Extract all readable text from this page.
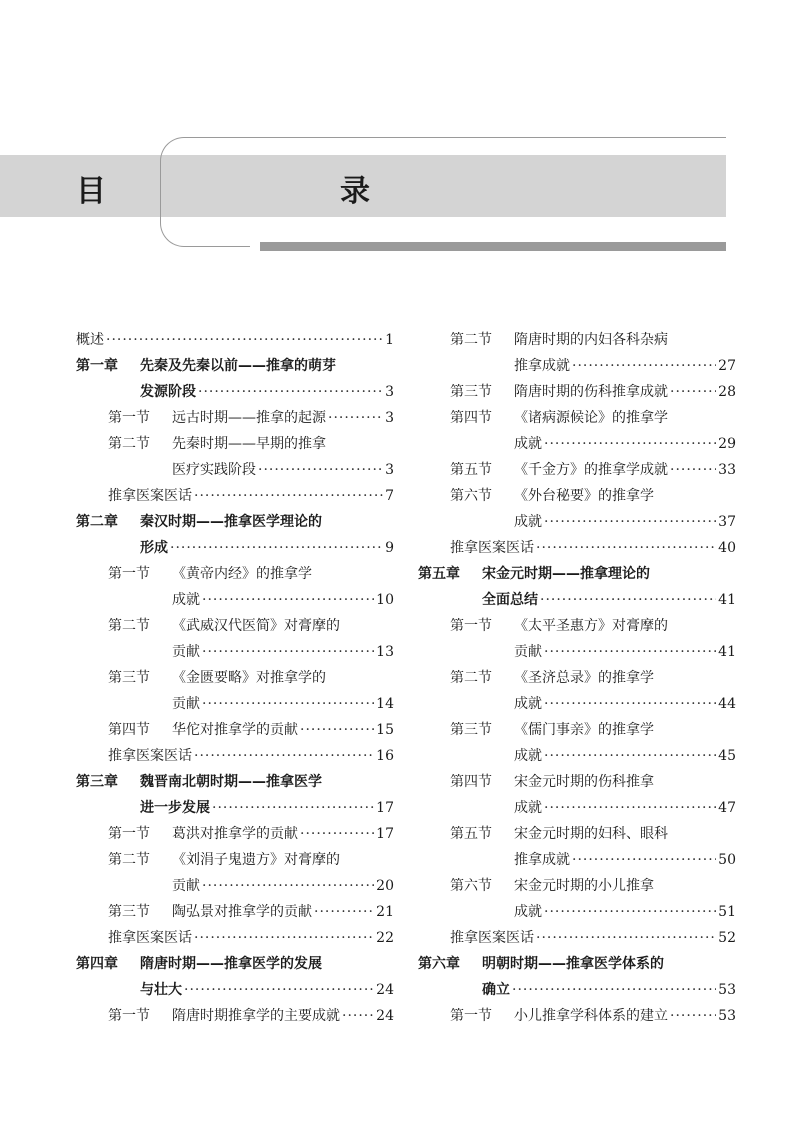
目　　录
概述 ·····	1
第一章 先秦及先秦以前——推拿的萌芽
发源阶段 ·····	3
第一节	远古时期——推拿的起源 ·····	3
第二节 先秦时期——早期的推拿
医疗实践阶段 ·····	3
推拿医案医话 ·····	7
第二章 秦汉时期——推拿医学理论的
形成 ·····	9
第一节 《黄帝内经》的推拿学
成就 ·····	10
第二节 《武威汉代医简》对膏摩的
贡献 ·····	13
第三节 《金匮要略》对推拿学的
贡献 ·····	14
第四节	华佗对推拿学的贡献 ·····	15
推拿医案医话 ·····	16
第三章 魏晋南北朝时期——推拿医学
进一步发展 ·····	17
第一节	葛洪对推拿学的贡献 ·····	17
第二节 《刘涓子鬼遗方》对膏摩的
贡献 ·····	20
第三节	陶弘景对推拿学的贡献 ·····	21
推拿医案医话 ·····	22
第四章 隋唐时期——推拿医学的发展
与壮大 ·····	24
第一节	隋唐时期推拿学的主要成就 ·····	24
第二节 隋唐时期的内妇各科杂病
推拿成就 ·····	27
第三节	隋唐时期的伤科推拿成就 ·····	28
第四节 《诸病源候论》的推拿学
成就 ·····	29
第五节	《千金方》的推拿学成就 ·····	33
第六节 《外台秘要》的推拿学
成就 ·····	37
推拿医案医话 ·····	40
第五章 宋金元时期——推拿理论的
全面总结 ·····	41
第一节 《太平圣惠方》对膏摩的
贡献 ·····	41
第二节 《圣济总录》的推拿学
成就 ·····	44
第三节 《儒门事亲》的推拿学
成就 ·····	45
第四节 宋金元时期的伤科推拿
成就 ·····	47
第五节 宋金元时期的妇科、眼科
推拿成就 ·····	50
第六节 宋金元时期的小儿推拿
成就 ·····	51
推拿医案医话 ·····	52
第六章 明朝时期——推拿医学体系的
确立 ·····	53
第一节	小儿推拿学科体系的建立 ·····	53
